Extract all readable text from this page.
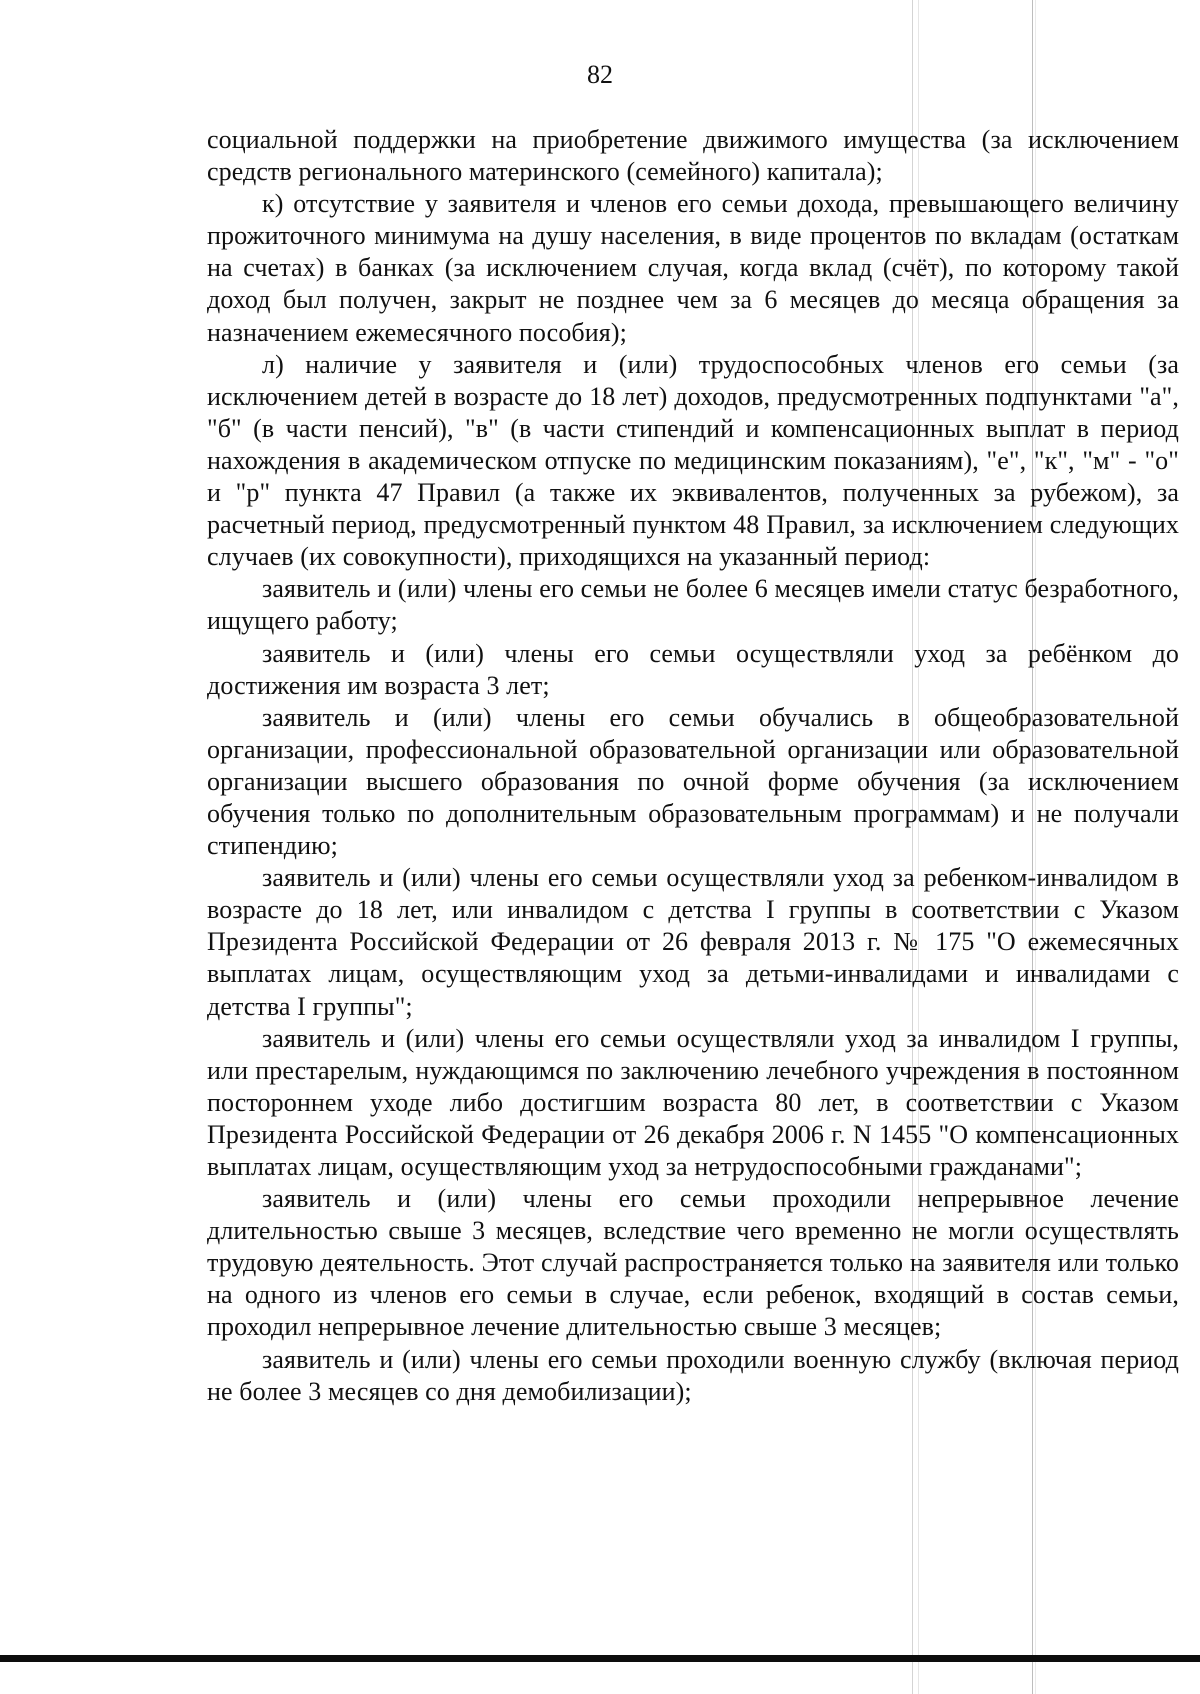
82

социальной поддержки на приобретение движимого имущества (за исключением средств регионального материнского (семейного) капитала);

к) отсутствие у заявителя и членов его семьи дохода, превышающего величину прожиточного минимума на душу населения, в виде процентов по вкладам (остаткам на счетах) в банках (за исключением случая, когда вклад (счёт), по которому такой доход был получен, закрыт не позднее чем за 6 месяцев до месяца обращения за назначением ежемесячного пособия);

л) наличие у заявителя и (или) трудоспособных членов его семьи (за исключением детей в возрасте до 18 лет) доходов, предусмотренных подпунктами "а", "б" (в части пенсий), "в" (в части стипендий и компенсационных выплат в период нахождения в академическом отпуске по медицинским показаниям), "е", "к", "м" - "о" и "р" пункта 47 Правил (а также их эквивалентов, полученных за рубежом), за расчетный период, предусмотренный пунктом 48 Правил, за исключением следующих случаев (их совокупности), приходящихся на указанный период:

заявитель и (или) члены его семьи не более 6 месяцев имели статус безработного, ищущего работу;

заявитель и (или) члены его семьи осуществляли уход за ребёнком до достижения им возраста 3 лет;

заявитель и (или) члены его семьи обучались в общеобразовательной организации, профессиональной образовательной организации или образовательной организации высшего образования по очной форме обучения (за исключением обучения только по дополнительным образовательным программам) и не получали стипендию;

заявитель и (или) члены его семьи осуществляли уход за ребенком-инвалидом в возрасте до 18 лет, или инвалидом с детства I группы в соответствии с Указом Президента Российской Федерации от 26 февраля 2013 г. № 175 "О ежемесячных выплатах лицам, осуществляющим уход за детьми-инвалидами и инвалидами с детства I группы";

заявитель и (или) члены его семьи осуществляли уход за инвалидом I группы, или престарелым, нуждающимся по заключению лечебного учреждения в постоянном постороннем уходе либо достигшим возраста 80 лет, в соответствии с Указом Президента Российской Федерации от 26 декабря 2006 г. N 1455 "О компенсационных выплатах лицам, осуществляющим уход за нетрудоспособными гражданами";

заявитель и (или) члены его семьи проходили непрерывное лечение длительностью свыше 3 месяцев, вследствие чего временно не могли осуществлять трудовую деятельность. Этот случай распространяется только на заявителя или только на одного из членов его семьи в случае, если ребенок, входящий в состав семьи, проходил непрерывное лечение длительностью свыше 3 месяцев;

заявитель и (или) члены его семьи проходили военную службу (включая период не более 3 месяцев со дня демобилизации);
